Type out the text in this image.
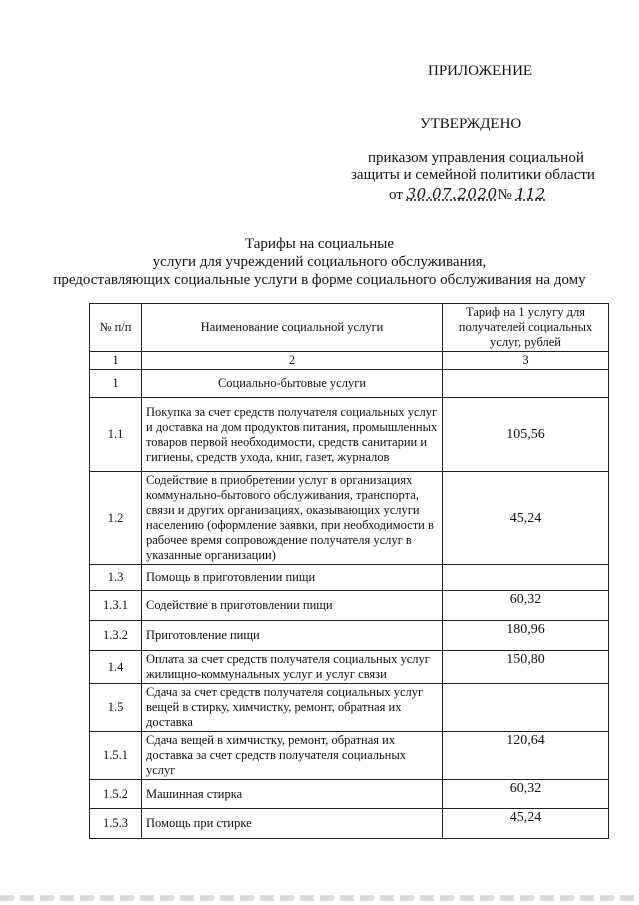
ПРИЛОЖЕНИЕ
УТВЕРЖДЕНО
приказом управления социальной
защиты и семейной политики области
от 30.07.2020№ 112
Тарифы на социальные
услуги для учреждений социального обслуживания,
предоставляющих социальные услуги в форме социального обслуживания на дому
№ п/п	Наименование социальной услуги	Тариф на 1 услугу для получателей социальных услуг, рублей
1	2	3
1	Социально-бытовые услуги	
1.1	Покупка за счет средств получателя социальных услуг и доставка на дом продуктов питания, промышленных товаров первой необходимости, средств санитарии и гигиены, средств ухода, книг, газет, журналов	105,56
1.2	Содействие в приобретении услуг в организациях коммунально-бытового обслуживания, транспорта, связи и других организациях, оказывающих услуги населению (оформление заявки, при необходимости в рабочее время сопровождение получателя услуг в указанные организации)	45,24
1.3	Помощь в приготовлении пищи	
1.3.1	Содействие в приготовлении пищи	60,32
1.3.2	Приготовление пищи	180,96
1.4	Оплата за счет средств получателя социальных услуг жилищно-коммунальных услуг и услуг связи	150,80
1.5	Сдача за счет средств получателя социальных услуг вещей в стирку, химчистку, ремонт, обратная их доставка	
1.5.1	Сдача вещей в химчистку, ремонт, обратная их доставка за счет средств получателя социальных услуг	120,64
1.5.2	Машинная стирка	60,32
1.5.3	Помощь при стирке	45,24
